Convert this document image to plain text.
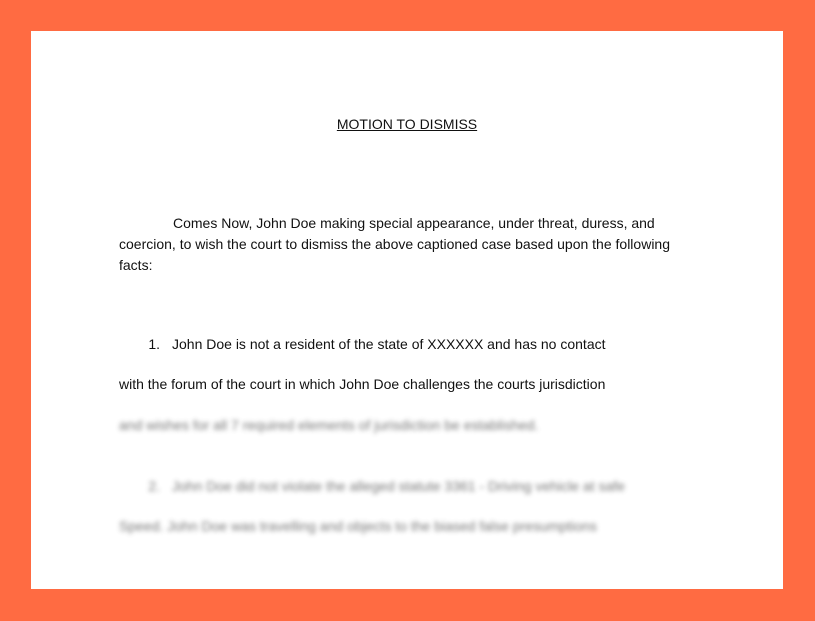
MOTION TO DISMISS

Comes Now, John Doe making special appearance, under threat, duress, and coercion, to wish the court to dismiss the above captioned case based upon the following facts:

1. John Doe is not a resident of the state of XXXXXX and has no contact
with the forum of the court in which John Doe challenges the courts jurisdiction
and wishes for all 7 required elements of jurisdiction be established.
2. John Doe did not violate the alleged statute 3361 - Driving vehicle at safe
Speed. John Doe was travelling and objects to the biased false presumptions
